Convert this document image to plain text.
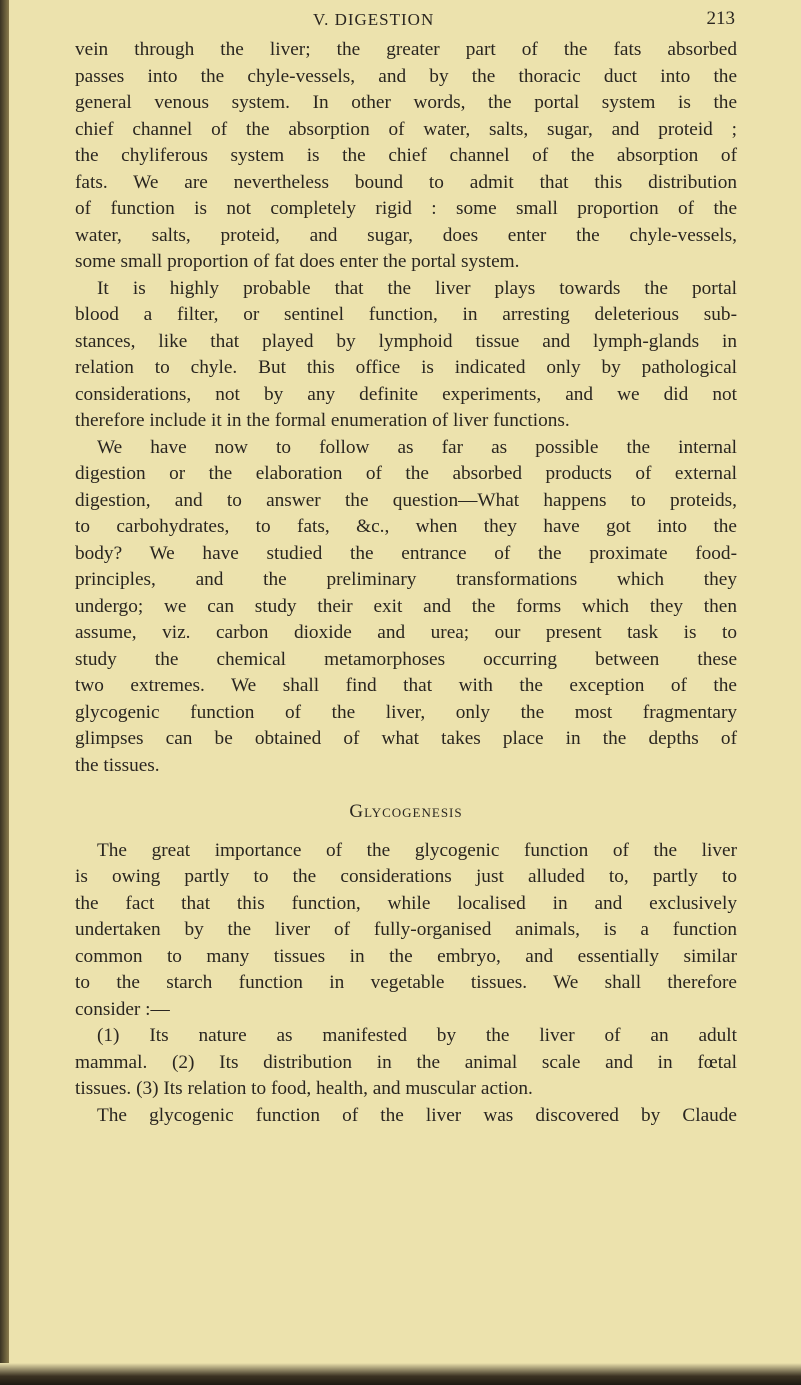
V. DIGESTION	213
vein through the liver; the greater part of the fats absorbed
passes into the chyle-vessels, and by the thoracic duct into the
general venous system. In other words, the portal system is the
chief channel of the absorption of water, salts, sugar, and proteid ;
the chyliferous system is the chief channel of the absorption of
fats. We are nevertheless bound to admit that this distribution
of function is not completely rigid : some small proportion of the
water, salts, proteid, and sugar, does enter the chyle-vessels,
some small proportion of fat does enter the portal system.
It is highly probable that the liver plays towards the portal
blood a filter, or sentinel function, in arresting deleterious sub-
stances, like that played by lymphoid tissue and lymph-glands in
relation to chyle. But this office is indicated only by pathological
considerations, not by any definite experiments, and we did not
therefore include it in the formal enumeration of liver functions.
We have now to follow as far as possible the internal
digestion or the elaboration of the absorbed products of external
digestion, and to answer the question—What happens to proteids,
to carbohydrates, to fats, &c., when they have got into the
body? We have studied the entrance of the proximate food-
principles, and the preliminary transformations which they
undergo; we can study their exit and the forms which they then
assume, viz. carbon dioxide and urea; our present task is to
study the chemical metamorphoses occurring between these
two extremes. We shall find that with the exception of the
glycogenic function of the liver, only the most fragmentary
glimpses can be obtained of what takes place in the depths of
the tissues.
Glycogenesis
The great importance of the glycogenic function of the liver
is owing partly to the considerations just alluded to, partly to
the fact that this function, while localised in and exclusively
undertaken by the liver of fully-organised animals, is a function
common to many tissues in the embryo, and essentially similar
to the starch function in vegetable tissues. We shall therefore
consider :—
(1) Its nature as manifested by the liver of an adult
mammal. (2) Its distribution in the animal scale and in fœtal
tissues. (3) Its relation to food, health, and muscular action.
The glycogenic function of the liver was discovered by Claude
